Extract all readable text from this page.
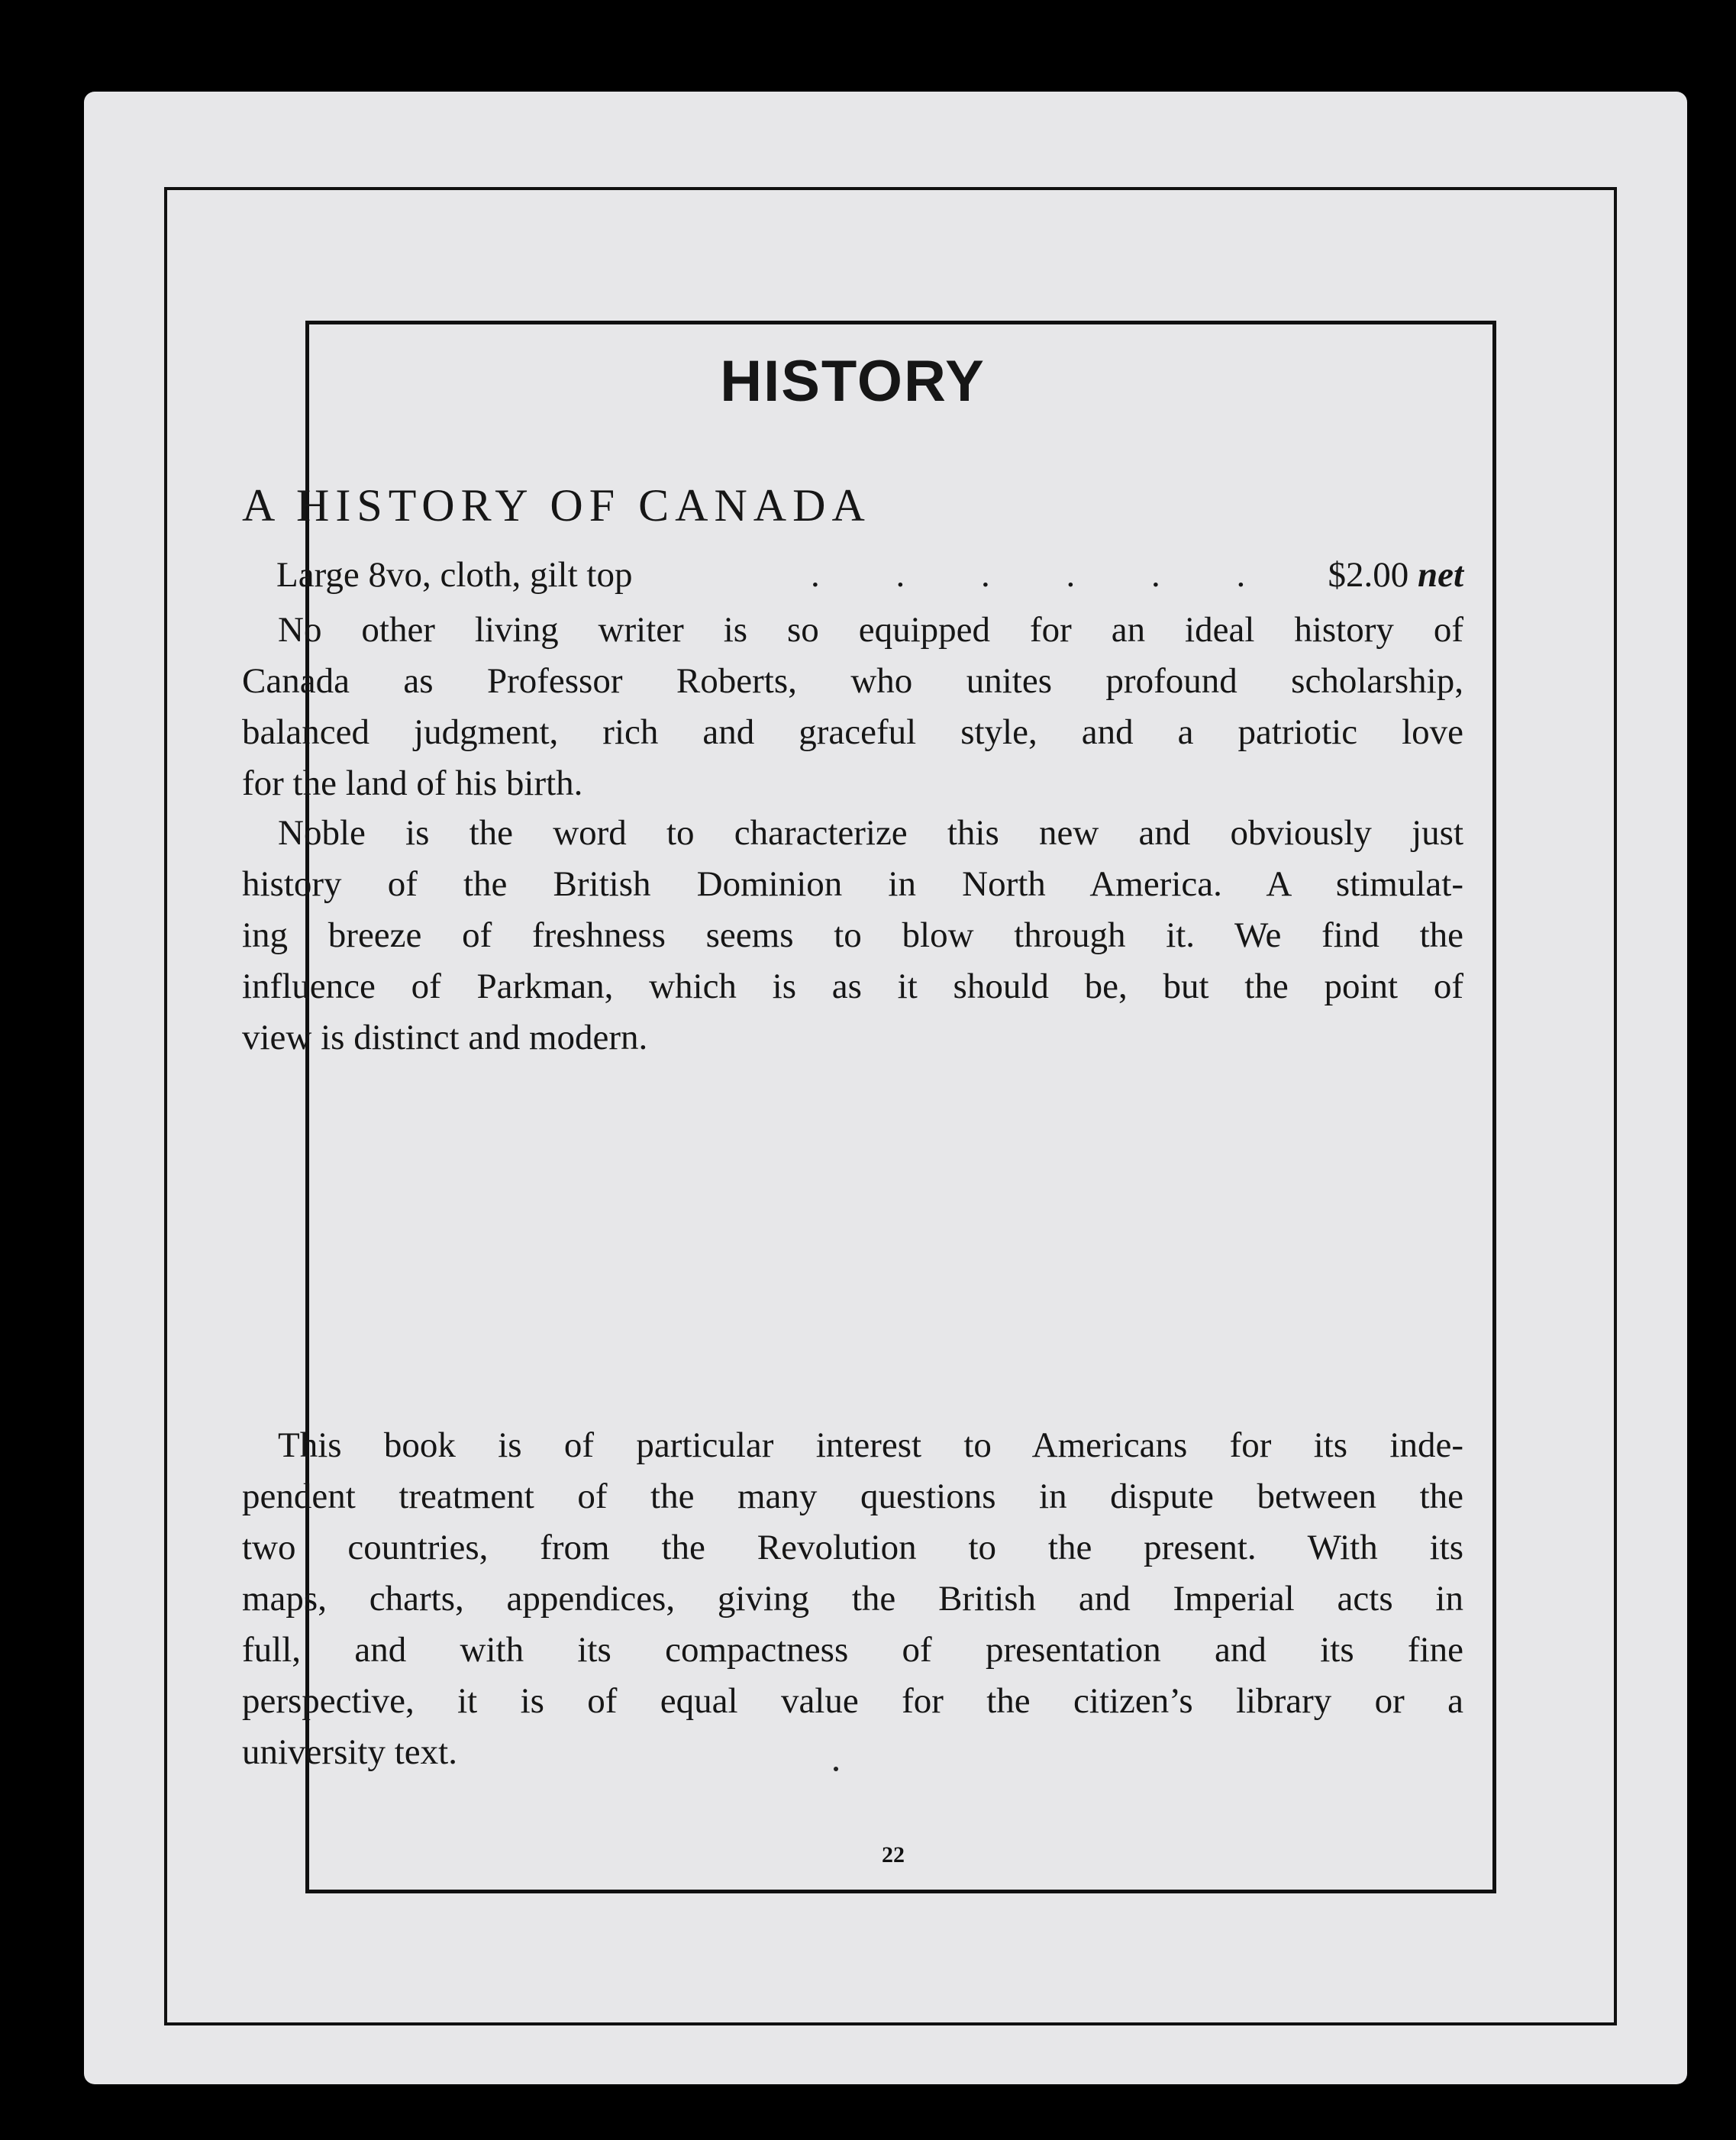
HISTORY
A HISTORY OF CANADA
Large 8vo, cloth, gilt top	. . . . . . $2.00 net
No other living writer is so equipped for an ideal history of
Canada as Professor Roberts, who unites profound scholarship,
balanced judgment, rich and graceful style, and a patriotic love
for the land of his birth.
Noble is the word to characterize this new and obviously just
history of the British Dominion in North America. A stimulat-
ing breeze of freshness seems to blow through it. We find the
influence of Parkman, which is as it should be, but the point of
view is distinct and modern.
This book is of particular interest to Americans for its inde-
pendent treatment of the many questions in dispute between the
two countries, from the Revolution to the present. With its
maps, charts, appendices, giving the British and Imperial acts in
full, and with its compactness of presentation and its fine
perspective, it is of equal value for the citizen’s library or a
university text.
22
